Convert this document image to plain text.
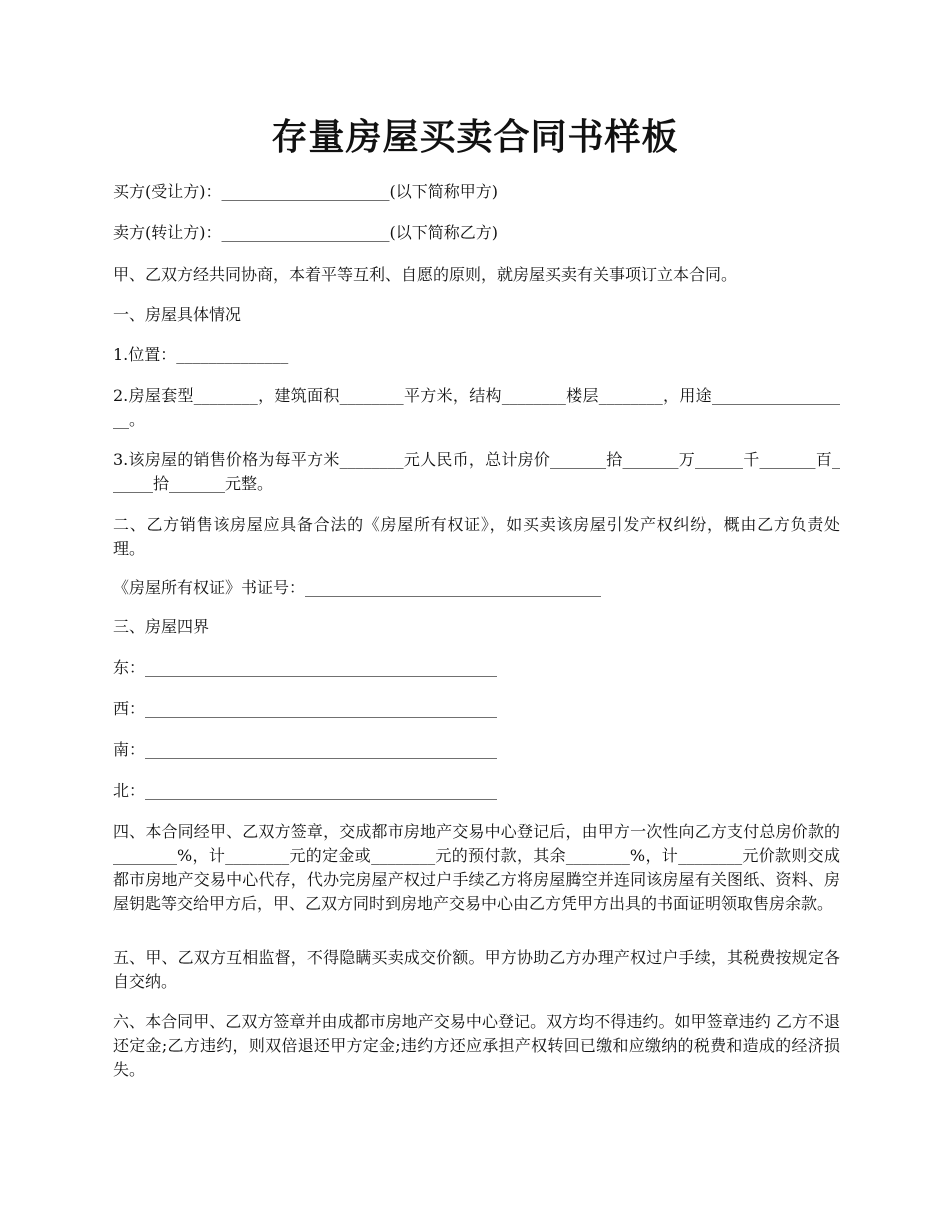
存量房屋买卖合同书样板

买方(受让方)：_____________________(以下简称甲方)

卖方(转让方)：_____________________(以下简称乙方)

甲、乙双方经共同协商，本着平等互利、自愿的原则，就房屋买卖有关事项订立本合同。

一、房屋具体情况

1.位置：______________

2.房屋套型________，建筑面积________平方米，结构________楼层________，用途__________________。

3.该房屋的销售价格为每平方米________元人民币，总计房价_______拾_______万______千_______百______拾_______元整。

二、乙方销售该房屋应具备合法的《房屋所有权证》，如买卖该房屋引发产权纠纷，概由乙方负责处理。

《房屋所有权证》书证号：_____________________________________

三、房屋四界

东：____________________________________________

西：____________________________________________

南：____________________________________________

北：____________________________________________

四、本合同经甲、乙双方签章，交成都市房地产交易中心登记后，由甲方一次性向乙方支付总房价款的________%，计________元的定金或________元的预付款，其余________%，计________元价款则交成都市房地产交易中心代存，代办完房屋产权过户手续乙方将房屋腾空并连同该房屋有关图纸、资料、房屋钥匙等交给甲方后，甲、乙双方同时到房地产交易中心由乙方凭甲方出具的书面证明领取售房余款。

五、甲、乙双方互相监督，不得隐瞒买卖成交价额。甲方协助乙方办理产权过户手续，其税费按规定各自交纳。

六、本合同甲、乙双方签章并由成都市房地产交易中心登记。双方均不得违约。如甲签章违约 乙方不退还定金;乙方违约，则双倍退还甲方定金;违约方还应承担产权转回已缴和应缴纳的税费和造成的经济损失。
